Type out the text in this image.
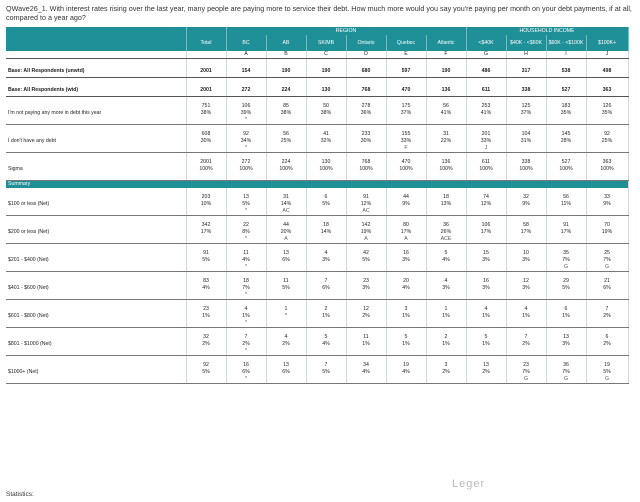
QWave26_1. With interest rates rising over the last year, many people are paying more to service their debt. How much more would you say you're paying per month on your debt payments, if at all, compared to a year ago?
		REGION						HOUSEHOLD INCOME			
	Total	BC	AB	SK/MB	Ontario	Quebec	Atlantic	<$40K	$40K - <$60K	$60K - <$100K	$100K+
		A	B	C	D	E	F	G	H	I	J

Base: All Respondents (unwtd)	2001	154	190	190	680	597	190	486	317	538	498

Base: All Respondents (wtd)	2001	272	224	130	768	470	136	611	338	527	363

	751	106	85	50	278	175	56	253	125	183	126
I'm not paying any more in debt this year	38%	39%	38%	38%	36%	37%	41%	41%	37%	35%	35%
		*									

	608	92	56	41	233	155	31	201	104	145	92
I don't have any debt	30%	34%	25%	32%	30%	33%	22%	33%	31%	28%	25%
		*				F		J			

	2001	272	224	130	768	470	136	611	338	527	363
Sigma	100%	100%	100%	100%	100%	100%	100%	100%	100%	100%	100%

Summary											

	203	13	31	6	91	44	18	74	32	56	33
$100 or less (Net)	10%	5%	14%	5%	12%	9%	13%	12%	9%	11%	9%
		*	AC		AC						

	342	22	44	18	142	80	36	106	58	91	70
$200 or less (Net)	17%	8%	20%	14%	19%	17%	26%	17%	17%	17%	19%
		*	A		A	A	ACE				

	91	11	13	4	42	16	5	15	10	35	25
$201 - $400 (Net)	5%	4%	6%	3%	5%	3%	4%	3%	3%	7%	7%
		*								G	G

	83	18	11	7	23	20	4	16	12	29	21
$401 - $600 (Net)	4%	7%	5%	6%	3%	4%	3%	3%	3%	5%	6%
		*									

	23	4	1	2	12	3	1	4	4	6	7
$601 - $800 (Net)	1%	1%	*	1%	2%	1%	1%	1%	1%	1%	2%
		*									

	32	7	4	5	11	5	2	5	7	13	6
$801 - $1000 (Net)	2%	2%	2%	4%	1%	1%	1%	1%	2%	3%	2%
		*									

	92	16	13	7	34	19	3	13	23	36	19
$1000+ (Net)	5%	6%	6%	5%	4%	4%	2%	2%	7%	7%	5%
		*							G	G	G
Statistics:
Leger
